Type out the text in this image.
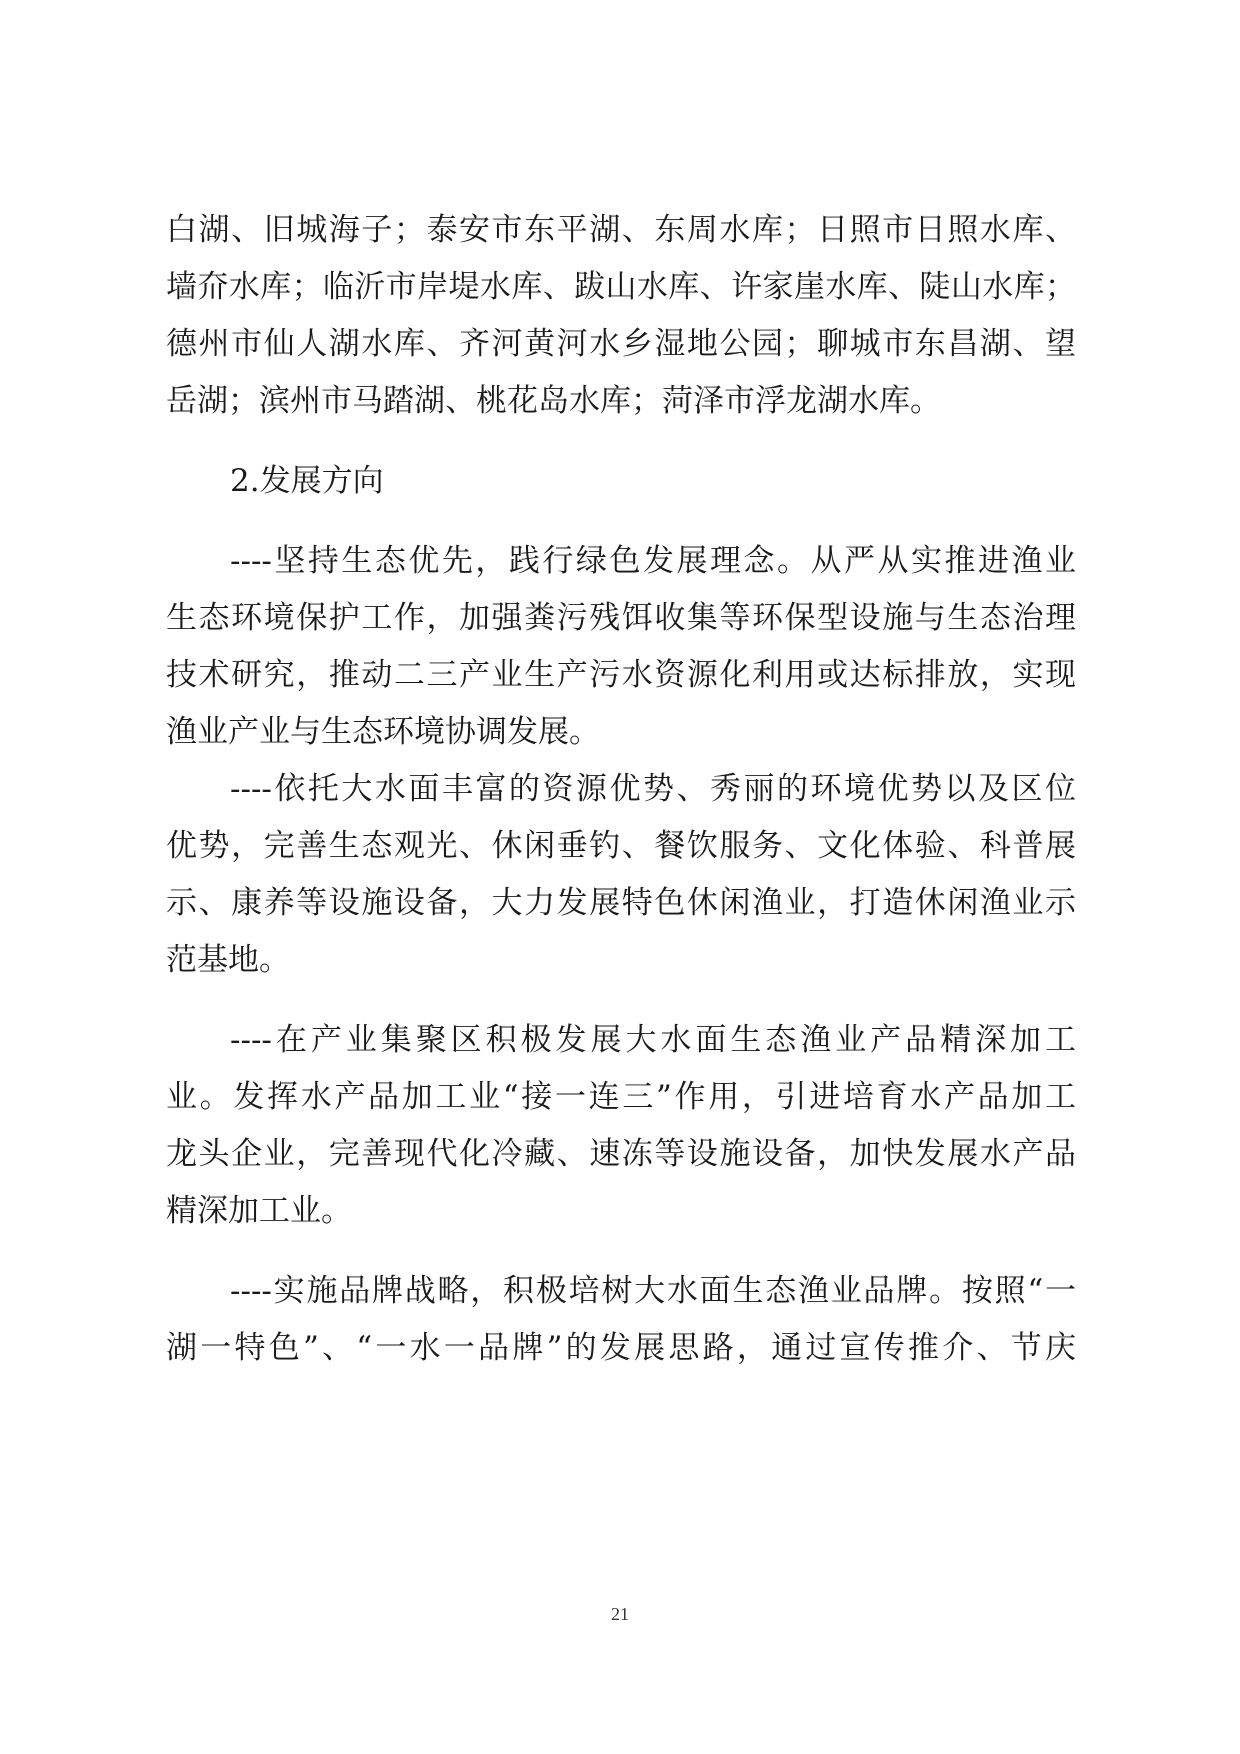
白湖、旧城海子；泰安市东平湖、东周水库；日照市日照水库、
墙夼水库；临沂市岸堤水库、跋山水库、许家崖水库、陡山水库；
德州市仙人湖水库、齐河黄河水乡湿地公园；聊城市东昌湖、望
岳湖；滨州市马踏湖、桃花岛水库；菏泽市浮龙湖水库。
2.发展方向
----坚持生态优先，践行绿色发展理念。从严从实推进渔业
生态环境保护工作，加强粪污残饵收集等环保型设施与生态治理
技术研究，推动二三产业生产污水资源化利用或达标排放，实现
渔业产业与生态环境协调发展。
----依托大水面丰富的资源优势、秀丽的环境优势以及区位
优势，完善生态观光、休闲垂钓、餐饮服务、文化体验、科普展
示、康养等设施设备，大力发展特色休闲渔业，打造休闲渔业示
范基地。
----在产业集聚区积极发展大水面生态渔业产品精深加工
业。发挥水产品加工业“接一连三”作用，引进培育水产品加工
龙头企业，完善现代化冷藏、速冻等设施设备，加快发展水产品
精深加工业。
----实施品牌战略，积极培树大水面生态渔业品牌。按照“一
湖一特色”、“一水一品牌”的发展思路，通过宣传推介、节庆
21
